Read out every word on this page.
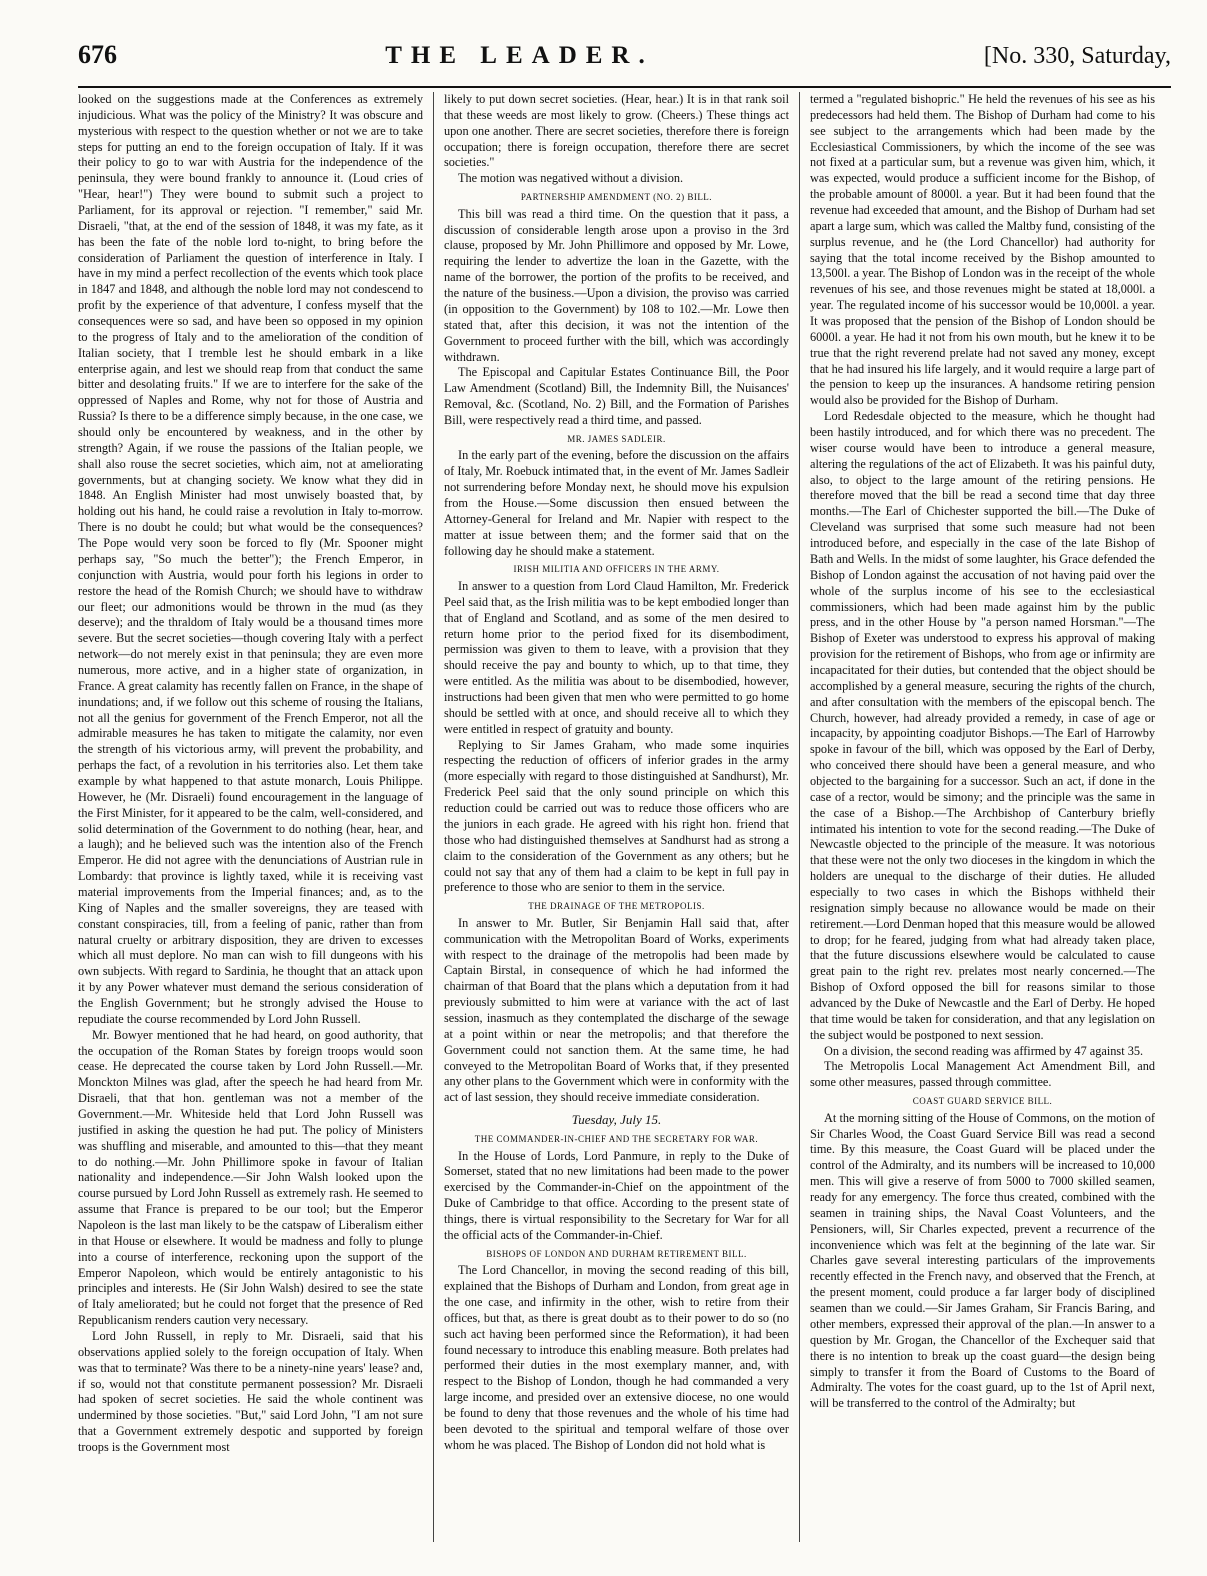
676	THE LEADER.	[No. 330, Saturday,

looked on the suggestions made at the Conferences as extremely injudicious. What was the policy of the Ministry? It was obscure and mysterious with respect to the question whether or not we are to take steps for putting an end to the foreign occupation of Italy. If it was their policy to go to war with Austria for the independence of the peninsula, they were bound frankly to announce it. (Loud cries of "Hear, hear!") They were bound to submit such a project to Parliament, for its approval or rejection. "I remember," said Mr. Disraeli, "that, at the end of the session of 1848, it was my fate, as it has been the fate of the noble lord to-night, to bring before the consideration of Parliament the question of interference in Italy. I have in my mind a perfect recollection of the events which took place in 1847 and 1848, and although the noble lord may not condescend to profit by the experience of that adventure, I confess myself that the consequences were so sad, and have been so opposed in my opinion to the progress of Italy and to the amelioration of the condition of Italian society, that I tremble lest he should embark in a like enterprise again, and lest we should reap from that conduct the same bitter and desolating fruits." If we are to interfere for the sake of the oppressed of Naples and Rome, why not for those of Austria and Russia? Is there to be a difference simply because, in the one case, we should only be encountered by weakness, and in the other by strength? Again, if we rouse the passions of the Italian people, we shall also rouse the secret societies, which aim, not at ameliorating governments, but at changing society. We know what they did in 1848. An English Minister had most unwisely boasted that, by holding out his hand, he could raise a revolution in Italy to-morrow. There is no doubt he could; but what would be the consequences? The Pope would very soon be forced to fly (Mr. Spooner might perhaps say, "So much the better"); the French Emperor, in conjunction with Austria, would pour forth his legions in order to restore the head of the Romish Church; we should have to withdraw our fleet; our admonitions would be thrown in the mud (as they deserve); and the thraldom of Italy would be a thousand times more severe. But the secret societies—though covering Italy with a perfect network—do not merely exist in that peninsula; they are even more numerous, more active, and in a higher state of organization, in France. A great calamity has recently fallen on France, in the shape of inundations; and, if we follow out this scheme of rousing the Italians, not all the genius for government of the French Emperor, not all the admirable measures he has taken to mitigate the calamity, nor even the strength of his victorious army, will prevent the probability, and perhaps the fact, of a revolution in his territories also. Let them take example by what happened to that astute monarch, Louis Philippe. However, he (Mr. Disraeli) found encouragement in the language of the First Minister, for it appeared to be the calm, well-considered, and solid determination of the Government to do nothing (hear, hear, and a laugh); and he believed such was the intention also of the French Emperor. He did not agree with the denunciations of Austrian rule in Lombardy: that province is lightly taxed, while it is receiving vast material improvements from the Imperial finances; and, as to the King of Naples and the smaller sovereigns, they are teased with constant conspiracies, till, from a feeling of panic, rather than from natural cruelty or arbitrary disposition, they are driven to excesses which all must deplore. No man can wish to fill dungeons with his own subjects. With regard to Sardinia, he thought that an attack upon it by any Power whatever must demand the serious consideration of the English Government; but he strongly advised the House to repudiate the course recommended by Lord John Russell.

Mr. Bowyer mentioned that he had heard, on good authority, that the occupation of the Roman States by foreign troops would soon cease. He deprecated the course taken by Lord John Russell.—Mr. Monckton Milnes was glad, after the speech he had heard from Mr. Disraeli, that that hon. gentleman was not a member of the Government.—Mr. Whiteside held that Lord John Russell was justified in asking the question he had put. The policy of Ministers was shuffling and miserable, and amounted to this—that they meant to do nothing.—Mr. John Phillimore spoke in favour of Italian nationality and independence.—Sir John Walsh looked upon the course pursued by Lord John Russell as extremely rash. He seemed to assume that France is prepared to be our tool; but the Emperor Napoleon is the last man likely to be the catspaw of Liberalism either in that House or elsewhere. It would be madness and folly to plunge into a course of interference, reckoning upon the support of the Emperor Napoleon, which would be entirely antagonistic to his principles and interests. He (Sir John Walsh) desired to see the state of Italy ameliorated; but he could not forget that the presence of Red Republicanism renders caution very necessary.

Lord John Russell, in reply to Mr. Disraeli, said that his observations applied solely to the foreign occupation of Italy. When was that to terminate? Was there to be a ninety-nine years' lease? and, if so, would not that constitute permanent possession? Mr. Disraeli had spoken of secret societies. He said the whole continent was undermined by those societies. "But," said Lord John, "I am not sure that a Government extremely despotic and supported by foreign troops is the Government most

likely to put down secret societies. (Hear, hear.) It is in that rank soil that these weeds are most likely to grow. (Cheers.) These things act upon one another. There are secret societies, therefore there is foreign occupation; there is foreign occupation, therefore there are secret societies."

The motion was negatived without a division.

PARTNERSHIP AMENDMENT (NO. 2) BILL.

This bill was read a third time. On the question that it pass, a discussion of considerable length arose upon a proviso in the 3rd clause, proposed by Mr. John Phillimore and opposed by Mr. Lowe, requiring the lender to advertize the loan in the Gazette, with the name of the borrower, the portion of the profits to be received, and the nature of the business.—Upon a division, the proviso was carried (in opposition to the Government) by 108 to 102.—Mr. Lowe then stated that, after this decision, it was not the intention of the Government to proceed further with the bill, which was accordingly withdrawn.

The Episcopal and Capitular Estates Continuance Bill, the Poor Law Amendment (Scotland) Bill, the Indemnity Bill, the Nuisances' Removal, &c. (Scotland, No. 2) Bill, and the Formation of Parishes Bill, were respectively read a third time, and passed.

MR. JAMES SADLEIR.

In the early part of the evening, before the discussion on the affairs of Italy, Mr. Roebuck intimated that, in the event of Mr. James Sadleir not surrendering before Monday next, he should move his expulsion from the House.—Some discussion then ensued between the Attorney-General for Ireland and Mr. Napier with respect to the matter at issue between them; and the former said that on the following day he should make a statement.

IRISH MILITIA AND OFFICERS IN THE ARMY.

In answer to a question from Lord Claud Hamilton, Mr. Frederick Peel said that, as the Irish militia was to be kept embodied longer than that of England and Scotland, and as some of the men desired to return home prior to the period fixed for its disembodiment, permission was given to them to leave, with a provision that they should receive the pay and bounty to which, up to that time, they were entitled. As the militia was about to be disembodied, however, instructions had been given that men who were permitted to go home should be settled with at once, and should receive all to which they were entitled in respect of gratuity and bounty.

Replying to Sir James Graham, who made some inquiries respecting the reduction of officers of inferior grades in the army (more especially with regard to those distinguished at Sandhurst), Mr. Frederick Peel said that the only sound principle on which this reduction could be carried out was to reduce those officers who are the juniors in each grade. He agreed with his right hon. friend that those who had distinguished themselves at Sandhurst had as strong a claim to the consideration of the Government as any others; but he could not say that any of them had a claim to be kept in full pay in preference to those who are senior to them in the service.

THE DRAINAGE OF THE METROPOLIS.

In answer to Mr. Butler, Sir Benjamin Hall said that, after communication with the Metropolitan Board of Works, experiments with respect to the drainage of the metropolis had been made by Captain Birstal, in consequence of which he had informed the chairman of that Board that the plans which a deputation from it had previously submitted to him were at variance with the act of last session, inasmuch as they contemplated the discharge of the sewage at a point within or near the metropolis; and that therefore the Government could not sanction them. At the same time, he had conveyed to the Metropolitan Board of Works that, if they presented any other plans to the Government which were in conformity with the act of last session, they should receive immediate consideration.

Tuesday, July 15.
THE COMMANDER-IN-CHIEF AND THE SECRETARY FOR WAR.

In the House of Lords, Lord Panmure, in reply to the Duke of Somerset, stated that no new limitations had been made to the power exercised by the Commander-in-Chief on the appointment of the Duke of Cambridge to that office. According to the present state of things, there is virtual responsibility to the Secretary for War for all the official acts of the Commander-in-Chief.

BISHOPS OF LONDON AND DURHAM RETIREMENT BILL.

The Lord Chancellor, in moving the second reading of this bill, explained that the Bishops of Durham and London, from great age in the one case, and infirmity in the other, wish to retire from their offices, but that, as there is great doubt as to their power to do so (no such act having been performed since the Reformation), it had been found necessary to introduce this enabling measure. Both prelates had performed their duties in the most exemplary manner, and, with respect to the Bishop of London, though he had commanded a very large income, and presided over an extensive diocese, no one would be found to deny that those revenues and the whole of his time had been devoted to the spiritual and temporal welfare of those over whom he was placed. The Bishop of London did not hold what is

termed a "regulated bishopric." He held the revenues of his see as his predecessors had held them. The Bishop of Durham had come to his see subject to the arrangements which had been made by the Ecclesiastical Commissioners, by which the income of the see was not fixed at a particular sum, but a revenue was given him, which, it was expected, would produce a sufficient income for the Bishop, of the probable amount of 8000l. a year. But it had been found that the revenue had exceeded that amount, and the Bishop of Durham had set apart a large sum, which was called the Maltby fund, consisting of the surplus revenue, and he (the Lord Chancellor) had authority for saying that the total income received by the Bishop amounted to 13,500l. a year. The Bishop of London was in the receipt of the whole revenues of his see, and those revenues might be stated at 18,000l. a year. The regulated income of his successor would be 10,000l. a year. It was proposed that the pension of the Bishop of London should be 6000l. a year. He had it not from his own mouth, but he knew it to be true that the right reverend prelate had not saved any money, except that he had insured his life largely, and it would require a large part of the pension to keep up the insurances. A handsome retiring pension would also be provided for the Bishop of Durham.

Lord Redesdale objected to the measure, which he thought had been hastily introduced, and for which there was no precedent. The wiser course would have been to introduce a general measure, altering the regulations of the act of Elizabeth. It was his painful duty, also, to object to the large amount of the retiring pensions. He therefore moved that the bill be read a second time that day three months.—The Earl of Chichester supported the bill.—The Duke of Cleveland was surprised that some such measure had not been introduced before, and especially in the case of the late Bishop of Bath and Wells. In the midst of some laughter, his Grace defended the Bishop of London against the accusation of not having paid over the whole of the surplus income of his see to the ecclesiastical commissioners, which had been made against him by the public press, and in the other House by "a person named Horsman."—The Bishop of Exeter was understood to express his approval of making provision for the retirement of Bishops, who from age or infirmity are incapacitated for their duties, but contended that the object should be accomplished by a general measure, securing the rights of the church, and after consultation with the members of the episcopal bench. The Church, however, had already provided a remedy, in case of age or incapacity, by appointing coadjutor Bishops.—The Earl of Harrowby spoke in favour of the bill, which was opposed by the Earl of Derby, who conceived there should have been a general measure, and who objected to the bargaining for a successor. Such an act, if done in the case of a rector, would be simony; and the principle was the same in the case of a Bishop.—The Archbishop of Canterbury briefly intimated his intention to vote for the second reading.—The Duke of Newcastle objected to the principle of the measure. It was notorious that these were not the only two dioceses in the kingdom in which the holders are unequal to the discharge of their duties. He alluded especially to two cases in which the Bishops withheld their resignation simply because no allowance would be made on their retirement.—Lord Denman hoped that this measure would be allowed to drop; for he feared, judging from what had already taken place, that the future discussions elsewhere would be calculated to cause great pain to the right rev. prelates most nearly concerned.—The Bishop of Oxford opposed the bill for reasons similar to those advanced by the Duke of Newcastle and the Earl of Derby. He hoped that time would be taken for consideration, and that any legislation on the subject would be postponed to next session.

On a division, the second reading was affirmed by 47 against 35.

The Metropolis Local Management Act Amendment Bill, and some other measures, passed through committee.

COAST GUARD SERVICE BILL.

At the morning sitting of the House of Commons, on the motion of Sir Charles Wood, the Coast Guard Service Bill was read a second time. By this measure, the Coast Guard will be placed under the control of the Admiralty, and its numbers will be increased to 10,000 men. This will give a reserve of from 5000 to 7000 skilled seamen, ready for any emergency. The force thus created, combined with the seamen in training ships, the Naval Coast Volunteers, and the Pensioners, will, Sir Charles expected, prevent a recurrence of the inconvenience which was felt at the beginning of the late war. Sir Charles gave several interesting particulars of the improvements recently effected in the French navy, and observed that the French, at the present moment, could produce a far larger body of disciplined seamen than we could.—Sir James Graham, Sir Francis Baring, and other members, expressed their approval of the plan.—In answer to a question by Mr. Grogan, the Chancellor of the Exchequer said that there is no intention to break up the coast guard—the design being simply to transfer it from the Board of Customs to the Board of Admiralty. The votes for the coast guard, up to the 1st of April next, will be transferred to the control of the Admiralty; but
